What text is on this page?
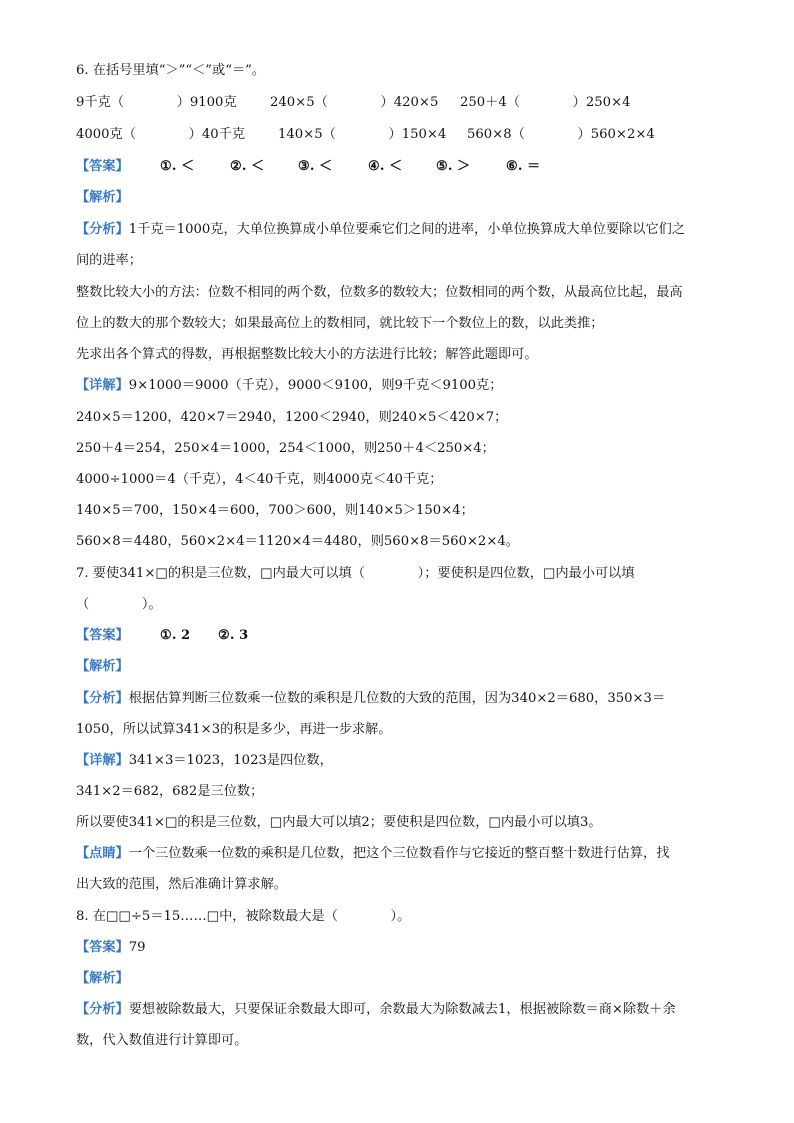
6. 在括号里填“＞”“＜”或“＝”。
9千克（　　　　）9100克	240×5（　　　　）420×5 250＋4（　　　　）250×4
4000克（　　　　）40千克 140×5（　　　　）150×4 560×8（　　　　）560×2×4
【答案】 ①. ＜	②. ＜	③. ＜	④. ＜	⑤. ＞	⑥. ＝
【解析】
【分析】1千克＝1000克，大单位换算成小单位要乘它们之间的进率，小单位换算成大单位要除以它们之
间的进率；
整数比较大小的方法：位数不相同的两个数，位数多的数较大；位数相同的两个数，从最高位比起，最高
位上的数大的那个数较大；如果最高位上的数相同，就比较下一个数位上的数，以此类推；
先求出各个算式的得数，再根据整数比较大小的方法进行比较；解答此题即可。
【详解】9×1000＝9000（千克），9000＜9100，则9千克＜9100克；
240×5＝1200，420×7＝2940，1200＜2940，则240×5＜420×7；
250＋4＝254，250×4＝1000，254＜1000，则250＋4＜250×4；
4000÷1000＝4（千克），4＜40千克，则4000克＜40千克；
140×5＝700，150×4＝600，700＞600，则140×5＞150×4；
560×8＝4480，560×2×4＝1120×4＝4480，则560×8＝560×2×4。
7. 要使341×□的积是三位数，□内最大可以填（　　　　）；要使积是四位数，□内最小可以填
（　　　　）。
【答案】 ①. 2 ②. 3
【解析】
【分析】根据估算判断三位数乘一位数的乘积是几位数的大致的范围，因为340×2＝680，350×3＝
1050，所以试算341×3的积是多少，再进一步求解。
【详解】341×3＝1023，1023是四位数，
341×2＝682，682是三位数；
所以要使341×□的积是三位数，□内最大可以填2；要使积是四位数，□内最小可以填3。
【点睛】一个三位数乘一位数的乘积是几位数，把这个三位数看作与它接近的整百整十数进行估算，找
出大致的范围，然后准确计算求解。
8. 在□□÷5＝15……□中，被除数最大是（　　　　）。
【答案】79
【解析】
【分析】要想被除数最大，只要保证余数最大即可，余数最大为除数减去1，根据被除数＝商×除数＋余
数，代入数值进行计算即可。
